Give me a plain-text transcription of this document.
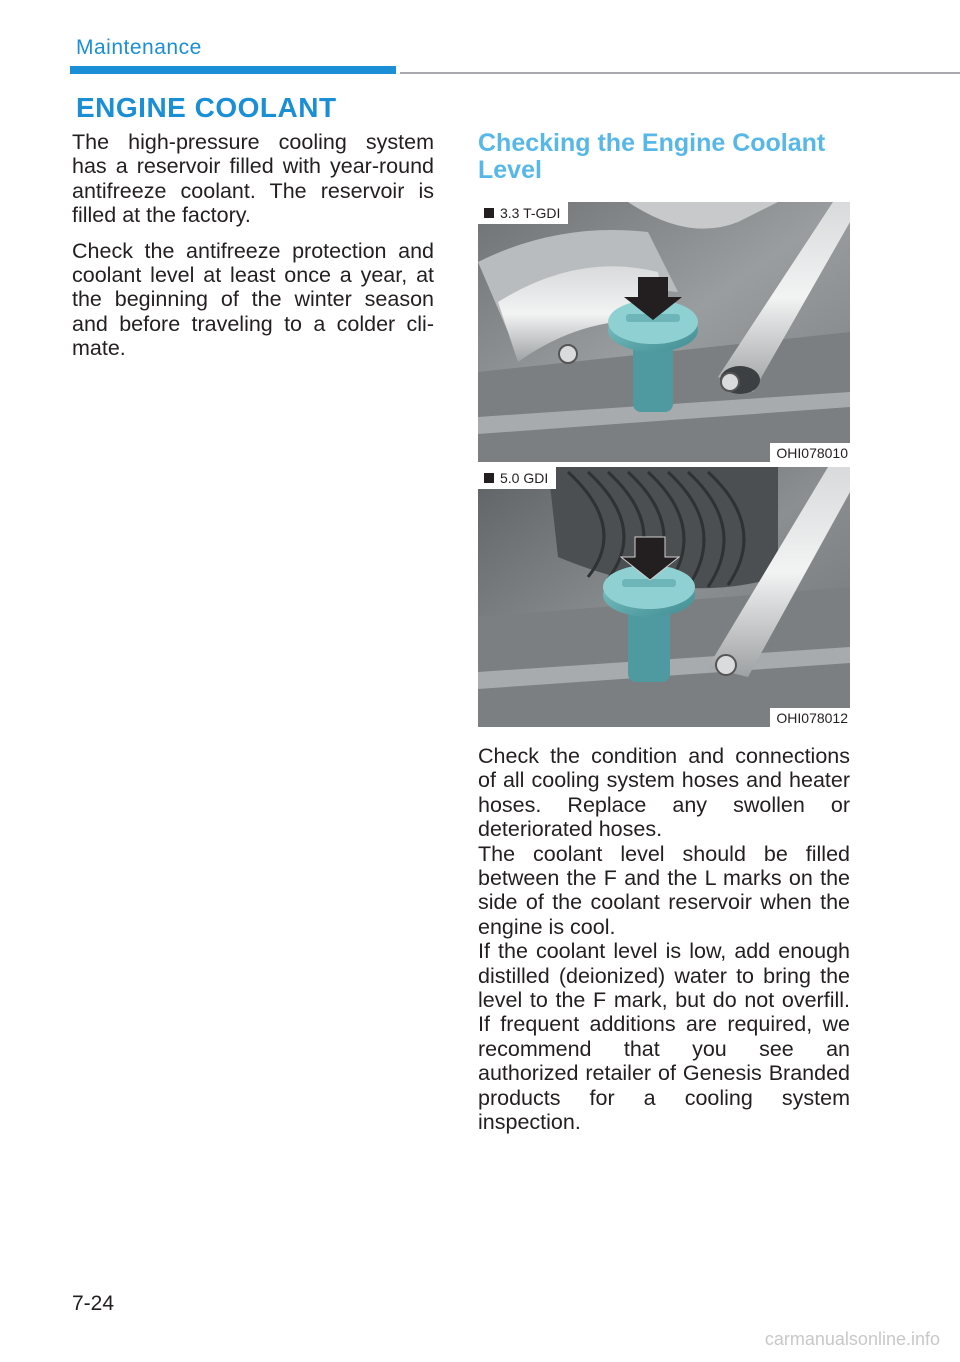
Maintenance
ENGINE COOLANT

The high-pressure cooling system has a reservoir filled with year-round antifreeze coolant. The reservoir is filled at the factory.

Check the antifreeze protection and coolant level at least once a year, at the beginning of the winter season and before traveling to a colder climate.

Checking the Engine Coolant Level
3.3 T-GDI
OHI078010
5.0 GDI
OHI078012

Check the condition and connections of all cooling system hoses and heater hoses. Replace any swollen or deteriorated hoses.

The coolant level should be filled between the F and the L marks on the side of the coolant reservoir when the engine is cool.

If the coolant level is low, add enough distilled (deionized) water to bring the level to the F mark, but do not overfill. If frequent additions are required, we recommend that you see an authorized retailer of Genesis Branded products for a cooling system inspection.

7-24
carmanualsonline.info
